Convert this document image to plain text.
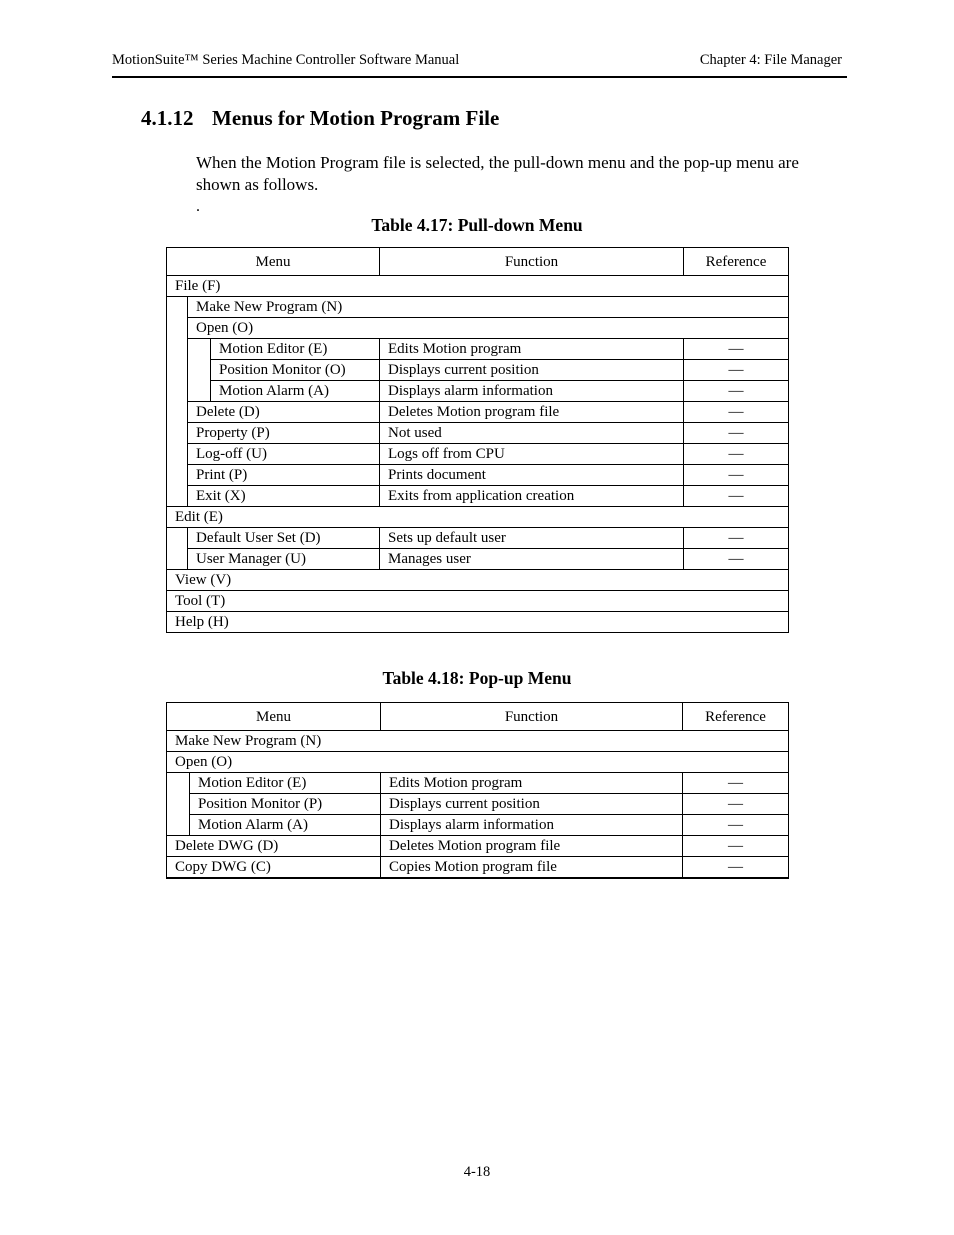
MotionSuite™ Series Machine Controller Software Manual	Chapter 4: File Manager
4.1.12 Menus for Motion Program File
When the Motion Program file is selected, the pull-down menu and the pop-up menu are shown as follows.
.
Table 4.17: Pull-down Menu
Menu			Function	Reference
File (F)				
	Make New Program (N)			
	Open (O)			
		Motion Editor (E)	Edits Motion program	—
		Position Monitor (O)	Displays current position	—
		Motion Alarm (A)	Displays alarm information	—
	Delete (D)		Deletes Motion program file	—
	Property (P)		Not used	—
	Log-off (U)		Logs off from CPU	—
	Print (P)		Prints document	—
	Exit (X)		Exits from application creation	—
Edit (E)				
	Default User Set (D)		Sets up default user	—
	User Manager (U)		Manages user	—
View (V)				
Tool (T)				
Help (H)				
Table 4.18: Pop-up Menu
Menu		Function	Reference
Make New Program (N)			
Open (O)			
	Motion Editor (E)	Edits Motion program	—
	Position Monitor (P)	Displays current position	—
	Motion Alarm (A)	Displays alarm information	—
Delete DWG (D)		Deletes Motion program file	—
Copy DWG (C)		Copies Motion program file	—
4-18
